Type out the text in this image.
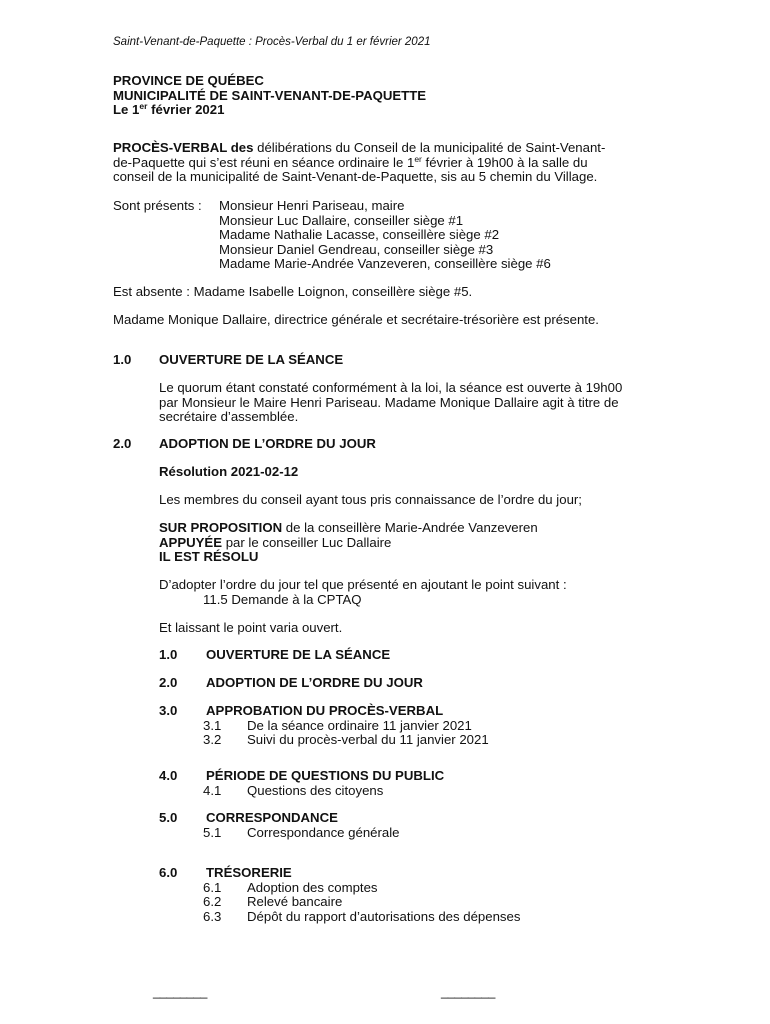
Saint-Venant-de-Paquette : Procès-Verbal du 1 er février 2021
PROVINCE DE QUÉBEC
MUNICIPALITÉ DE SAINT-VENANT-DE-PAQUETTE
Le 1er février 2021
PROCÈS-VERBAL des délibérations du Conseil de la municipalité de Saint-Venant-
de-Paquette qui s’est réuni en séance ordinaire le 1er février à 19h00 à la salle du
conseil de la municipalité de Saint-Venant-de-Paquette, sis au 5 chemin du Village.
Sont présents : Monsieur Henri Pariseau, maire
Monsieur Luc Dallaire, conseiller siège #1
Madame Nathalie Lacasse, conseillère siège #2
Monsieur Daniel Gendreau, conseiller siège #3
Madame Marie-Andrée Vanzeveren, conseillère siège #6
Est absente : Madame Isabelle Loignon, conseillère siège #5.
Madame Monique Dallaire, directrice générale et secrétaire-trésorière est présente.
1.0 OUVERTURE DE LA SÉANCE
Le quorum étant constaté conformément à la loi, la séance est ouverte à 19h00
par Monsieur le Maire Henri Pariseau. Madame Monique Dallaire agit à titre de
secrétaire d’assemblée.
2.0 ADOPTION DE L’ORDRE DU JOUR
Résolution 2021-02-12
Les membres du conseil ayant tous pris connaissance de l’ordre du jour;
SUR PROPOSITION de la conseillère Marie-Andrée Vanzeveren
APPUYÉE par le conseiller Luc Dallaire
IL EST RÉSOLU
D’adopter l’ordre du jour tel que présenté en ajoutant le point suivant :
11.5 Demande à la CPTAQ
Et laissant le point varia ouvert.
1.0 OUVERTURE DE LA SÉANCE
2.0 ADOPTION DE L’ORDRE DU JOUR
3.0 APPROBATION DU PROCÈS-VERBAL
3.1 De la séance ordinaire 11 janvier 2021
3.2 Suivi du procès-verbal du 11 janvier 2021
4.0 PÉRIODE DE QUESTIONS DU PUBLIC
4.1 Questions des citoyens
5.0 CORRESPONDANCE
5.1 Correspondance générale
6.0 TRÉSORERIE
6.1 Adoption des comptes
6.2 Relevé bancaire
6.3 Dépôt du rapport d’autorisations des dépenses
________	________
